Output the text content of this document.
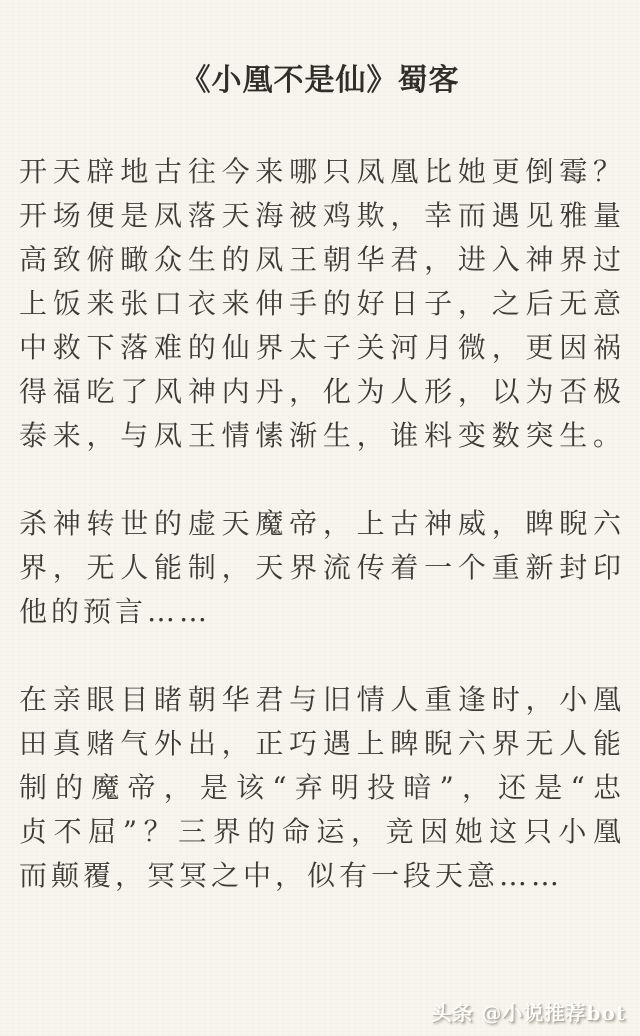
《小凰不是仙》蜀客
开天辟地古往今来哪只凤凰比她更倒霉？
开场便是凤落天海被鸡欺，幸而遇见雅量
高致俯瞰众生的凤王朝华君，进入神界过
上饭来张口衣来伸手的好日子，之后无意
中救下落难的仙界太子关河月微，更因祸
得福吃了风神内丹，化为人形，以为否极
泰来，与凤王情愫渐生，谁料变数突生。
杀神转世的虚天魔帝，上古神威，睥睨六
界，无人能制，天界流传着一个重新封印
他的预言……
在亲眼目睹朝华君与旧情人重逢时，小凰
田真赌气外出，正巧遇上睥睨六界无人能
制的魔帝，是该“弃明投暗”，还是“忠
贞不屈”？三界的命运，竞因她这只小凰
而颠覆，冥冥之中，似有一段天意……
头条 @小说推荐bot
